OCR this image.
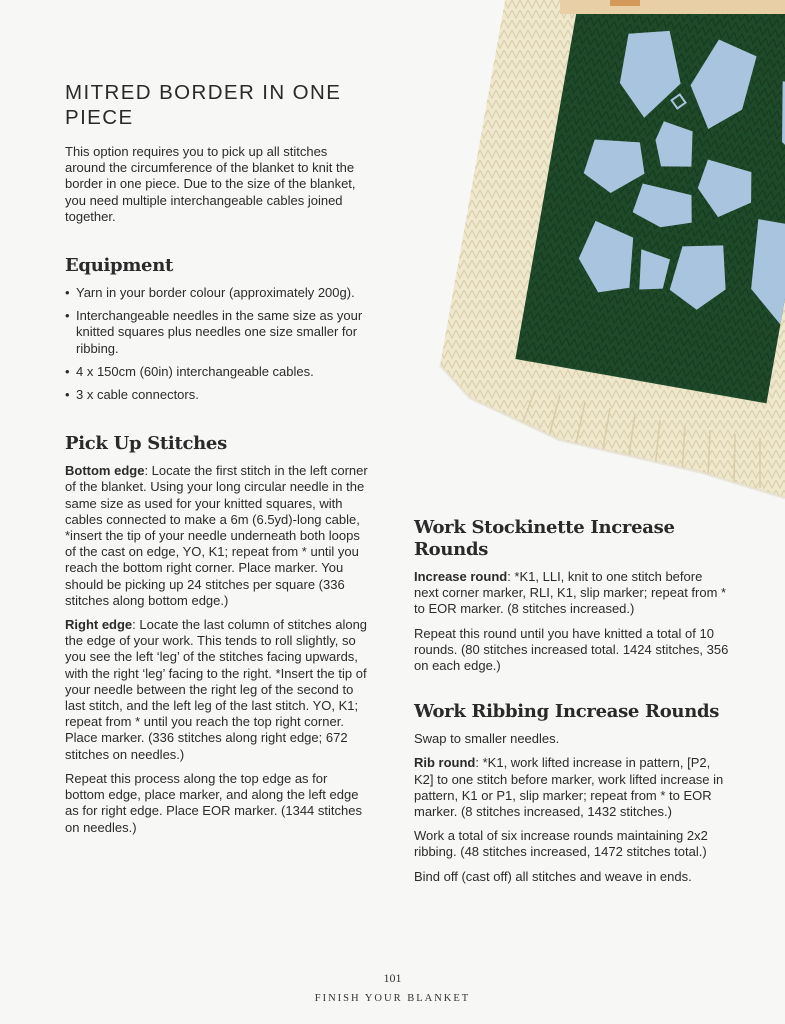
MITRED BORDER IN ONE PIECE

This option requires you to pick up all stitches around the circumference of the blanket to knit the border in one piece. Due to the size of the blanket, you need multiple interchangeable cables joined together.

Equipment
• Yarn in your border colour (approximately 200g).
• Interchangeable needles in the same size as your knitted squares plus needles one size smaller for ribbing.
• 4 x 150cm (60in) interchangeable cables.
• 3 x cable connectors.
Pick Up Stitches

Bottom edge: Locate the first stitch in the left corner of the blanket. Using your long circular needle in the same size as used for your knitted squares, with cables connected to make a 6m (6.5yd)-long cable, *insert the tip of your needle underneath both loops of the cast on edge, YO, K1; repeat from * until you reach the bottom right corner. Place marker. You should be picking up 24 stitches per square (336 stitches along bottom edge.)

Right edge: Locate the last column of stitches along the edge of your work. This tends to roll slightly, so you see the left ‘leg’ of the stitches facing upwards, with the right ‘leg’ facing to the right. *Insert the tip of your needle between the right leg of the second to last stitch, and the left leg of the last stitch. YO, K1; repeat from * until you reach the top right corner. Place marker. (336 stitches along right edge; 672 stitches on needles.)

Repeat this process along the top edge as for bottom edge, place marker, and along the left edge as for right edge. Place EOR marker. (1344 stitches on needles.)

Work Stockinette Increase Rounds

Increase round: *K1, LLI, knit to one stitch before next corner marker, RLI, K1, slip marker; repeat from * to EOR marker. (8 stitches increased.)

Repeat this round until you have knitted a total of 10 rounds. (80 stitches increased total. 1424 stitches, 356 on each edge.)

Work Ribbing Increase Rounds

Swap to smaller needles.

Rib round: *K1, work lifted increase in pattern, [P2, K2] to one stitch before marker, work lifted increase in pattern, K1 or P1, slip marker; repeat from * to EOR marker. (8 stitches increased, 1432 stitches.)

Work a total of six increase rounds maintaining 2x2 ribbing. (48 stitches increased, 1472 stitches total.)

Bind off (cast off) all stitches and weave in ends.

101
FINISH YOUR BLANKET
